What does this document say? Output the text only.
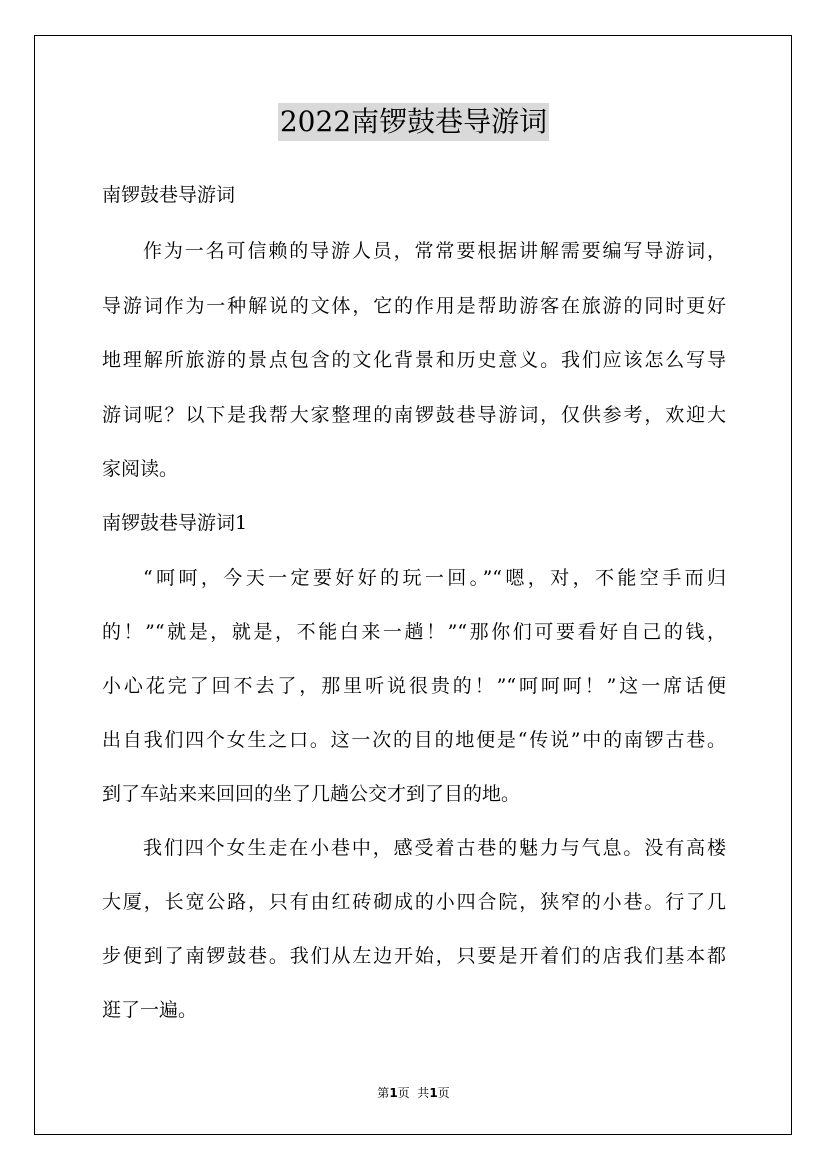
2022南锣鼓巷导游词
南锣鼓巷导游词
作为一名可信赖的导游人员，常常要根据讲解需要编写导游词，
导游词作为一种解说的文体，它的作用是帮助游客在旅游的同时更好
地理解所旅游的景点包含的文化背景和历史意义。我们应该怎么写导
游词呢？以下是我帮大家整理的南锣鼓巷导游词，仅供参考，欢迎大
家阅读。
南锣鼓巷导游词1
“呵呵，今天一定要好好的玩一回。”“嗯，对，不能空手而归
的！”“就是，就是，不能白来一趟！”“那你们可要看好自己的钱，
小心花完了回不去了，那里听说很贵的！”“呵呵呵！”这一席话便
出自我们四个女生之口。这一次的目的地便是“传说”中的南锣古巷。
到了车站来来回回的坐了几趟公交才到了目的地。
我们四个女生走在小巷中，感受着古巷的魅力与气息。没有高楼
大厦，长宽公路，只有由红砖砌成的小四合院，狭窄的小巷。行了几
步便到了南锣鼓巷。我们从左边开始，只要是开着们的店我们基本都
逛了一遍。
第1页  共1页
